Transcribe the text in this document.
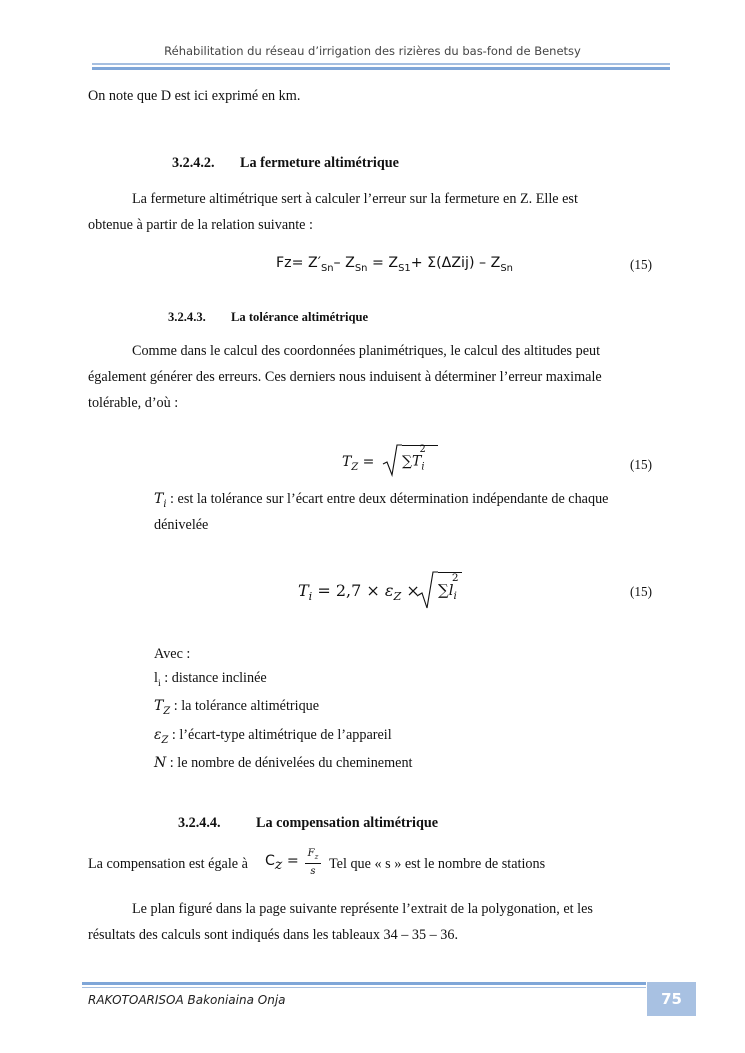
Réhabilitation du réseau d’irrigation des rizières du bas-fond de Benetsy
On note que D est ici exprimé en km.
3.2.4.2. La fermeture altimétrique
La fermeture altimétrique sert à calculer l’erreur sur la fermeture en Z. Elle est
obtenue à partir de la relation suivante :
$Fz= Z'_{Sn}-$ $Z_{Sn} = Z_{S1}+ \Sigma(\Delta Zij) - Z_{Sn}$	(15)
3.2.4.3. La tolérance altimétrique
Comme dans le calcul des coordonnées planimétriques, le calcul des altitudes peut
également générer des erreurs. Ces derniers nous induisent à déterminer l’erreur maximale
tolérable, d’où :
$T_Z = \sum T_i^2$
(15)
$T_i$ : est la tolérance sur l’écart entre deux détermination indépendante de chaque
dénivelée
$T_i = 2,7 \times \varepsilon_Z \times \sum l_i^2$
(15)
Avec :
$l_i$ : distance inclinée
$T_Z$ : la tolérance altimétrique
$\varepsilon_Z$ : l’écart-type altimétrique de l’appareil
N : le nombre de dénivelées du cheminement
3.2.4.4. La compensation altimétrique
La compensation est égale à $C_z = F_z$
s Tel que « s » est le nombre de stations
Le plan figuré dans la page suivante représente l’extrait de la polygonation, et les
résultats des calculs sont indiqués dans les tableaux 34 – 35 – 36.
RAKOTOARISOA Bakoniaina Onja	75
